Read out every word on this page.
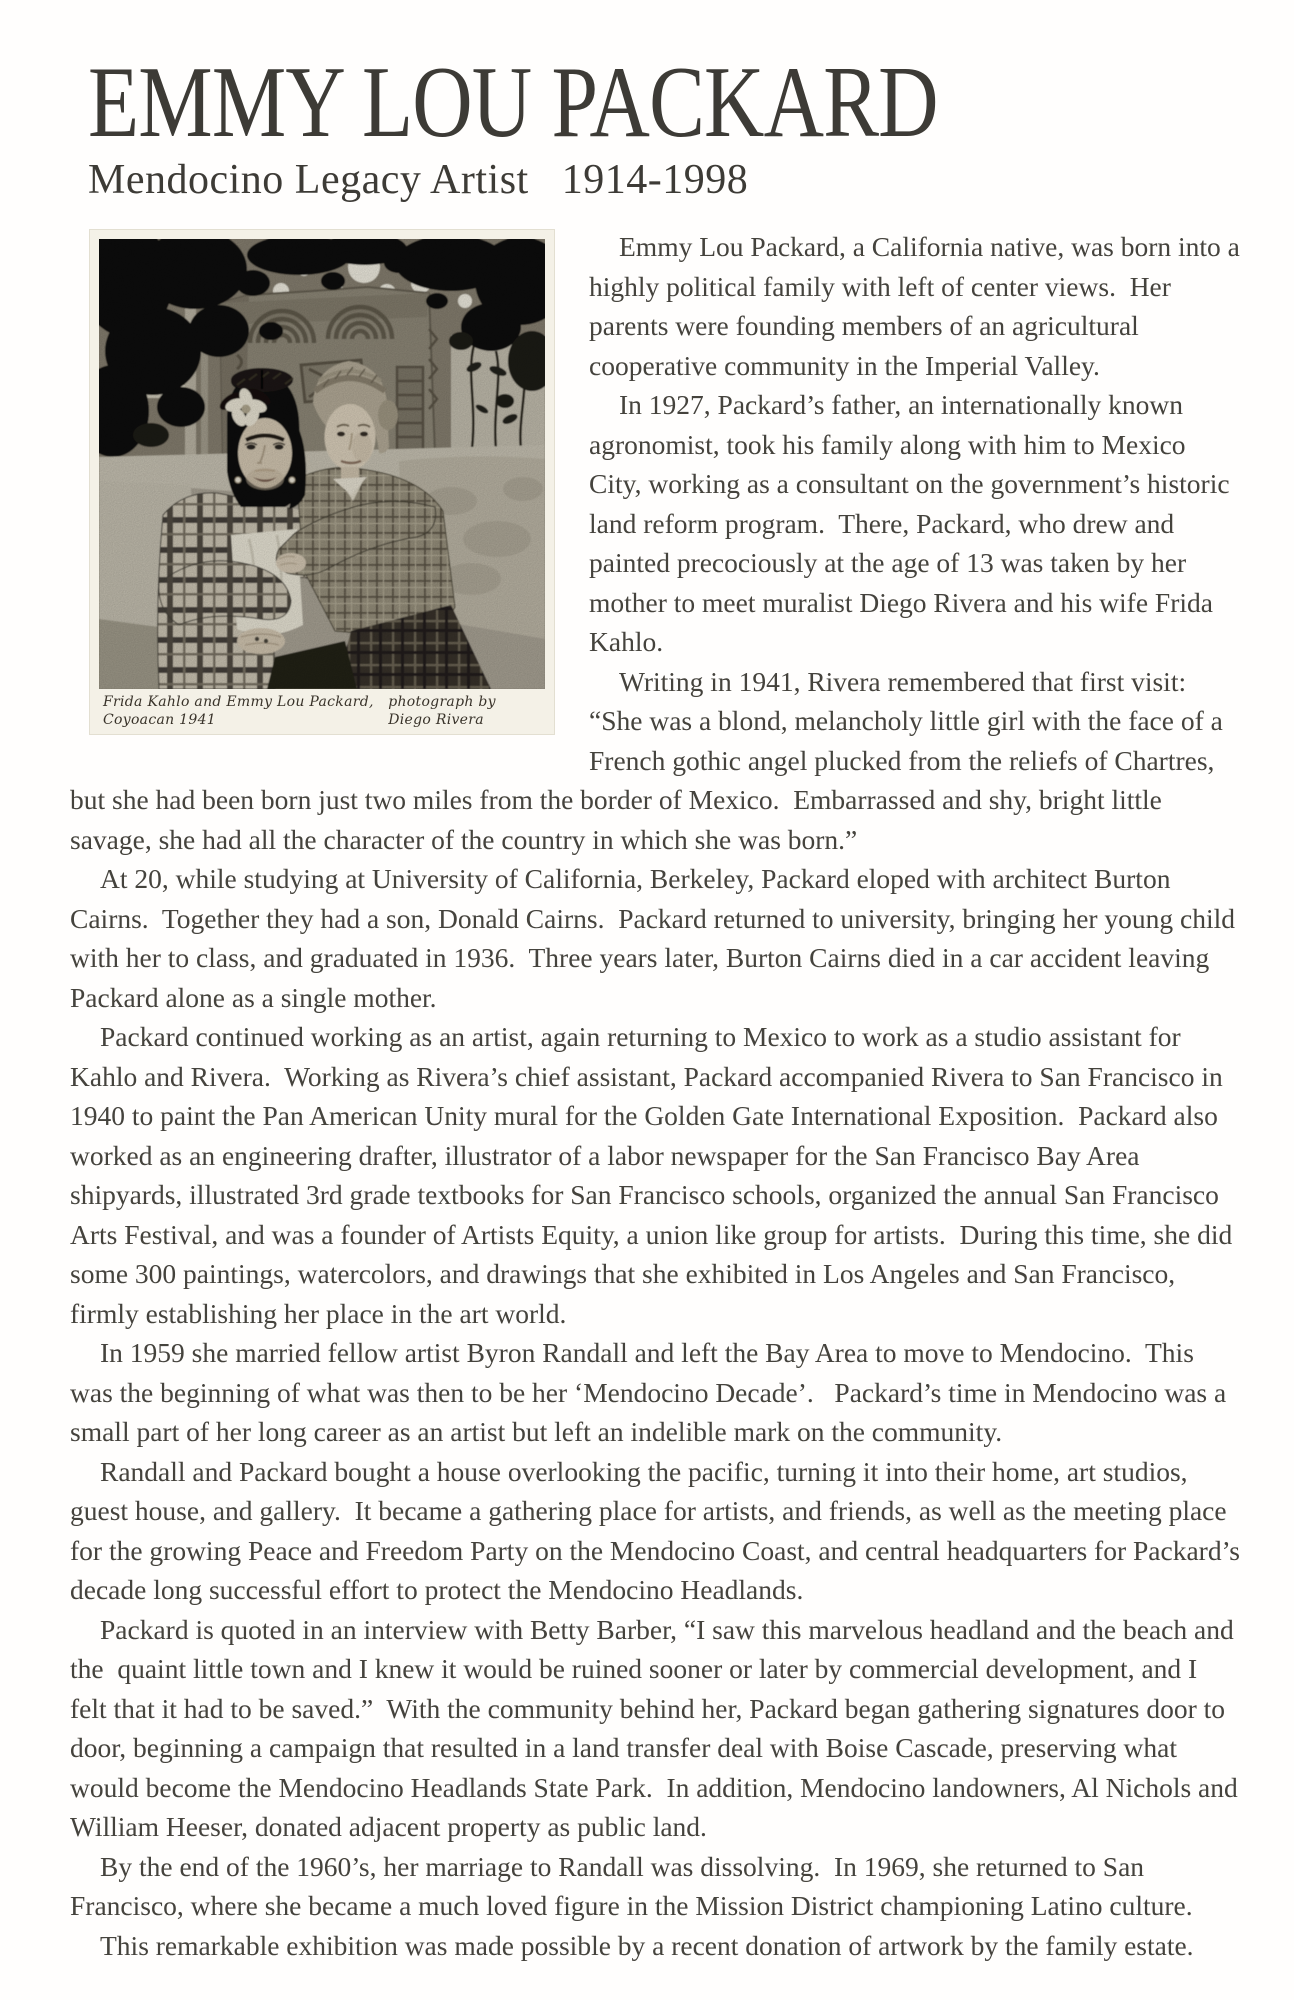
EMMY LOU PACKARD
Mendocino Legacy Artist   1914-1998
Frida Kahlo and Emmy Lou Packard, Coyoacan 1941
photograph by Diego Rivera

Emmy Lou Packard, a California native, was born into a highly political family with left of center views.  Her parents were founding members of an agricultural cooperative community in the Imperial Valley.

In 1927, Packard’s father, an internationally known agronomist, took his family along with him to Mexico City, working as a consultant on the government’s historic land reform program.  There, Packard, who drew and painted precociously at the age of 13 was taken by her mother to meet muralist Diego Rivera and his wife Frida Kahlo.

Writing in 1941, Rivera remembered that first visit: “She was a blond, melancholy little girl with the face of a French gothic angel plucked from the reliefs of Chartres, but she had been born just two miles from the border of Mexico.  Embarrassed and shy, bright little savage, she had all the character of the country in which she was born.”

At 20, while studying at University of California, Berkeley, Packard eloped with architect Burton Cairns.  Together they had a son, Donald Cairns.  Packard returned to university, bringing her young child with her to class, and graduated in 1936.  Three years later, Burton Cairns died in a car accident leaving Packard alone as a single mother.

Packard continued working as an artist, again returning to Mexico to work as a studio assistant for Kahlo and Rivera.  Working as Rivera’s chief assistant, Packard accompanied Rivera to San Francisco in 1940 to paint the Pan American Unity mural for the Golden Gate International Exposition.  Packard also worked as an engineering drafter, illustrator of a labor newspaper for the San Francisco Bay Area shipyards, illustrated 3rd grade textbooks for San Francisco schools, organized the annual San Francisco Arts Festival, and was a founder of Artists Equity, a union like group for artists.  During this time, she did some 300 paintings, watercolors, and drawings that she exhibited in Los Angeles and San Francisco, firmly establishing her place in the art world.

In 1959 she married fellow artist Byron Randall and left the Bay Area to move to Mendocino.  This was the beginning of what was then to be her ‘Mendocino Decade’.   Packard’s time in Mendocino was a small part of her long career as an artist but left an indelible mark on the community.

Randall and Packard bought a house overlooking the pacific, turning it into their home, art studios, guest house, and gallery.  It became a gathering place for artists, and friends, as well as the meeting place for the growing Peace and Freedom Party on the Mendocino Coast, and central headquarters for Packard’s decade long successful effort to protect the Mendocino Headlands.

Packard is quoted in an interview with Betty Barber, “I saw this marvelous headland and the beach and the  quaint little town and I knew it would be ruined sooner or later by commercial development, and I felt that it had to be saved.”  With the community behind her, Packard began gathering signatures door to door, beginning a campaign that resulted in a land transfer deal with Boise Cascade, preserving what would become the Mendocino Headlands State Park.  In addition, Mendocino landowners, Al Nichols and William Heeser, donated adjacent property as public land.

By the end of the 1960’s, her marriage to Randall was dissolving.  In 1969, she returned to San Francisco, where she became a much loved figure in the Mission District championing Latino culture.

This remarkable exhibition was made possible by a recent donation of artwork by the family estate.
